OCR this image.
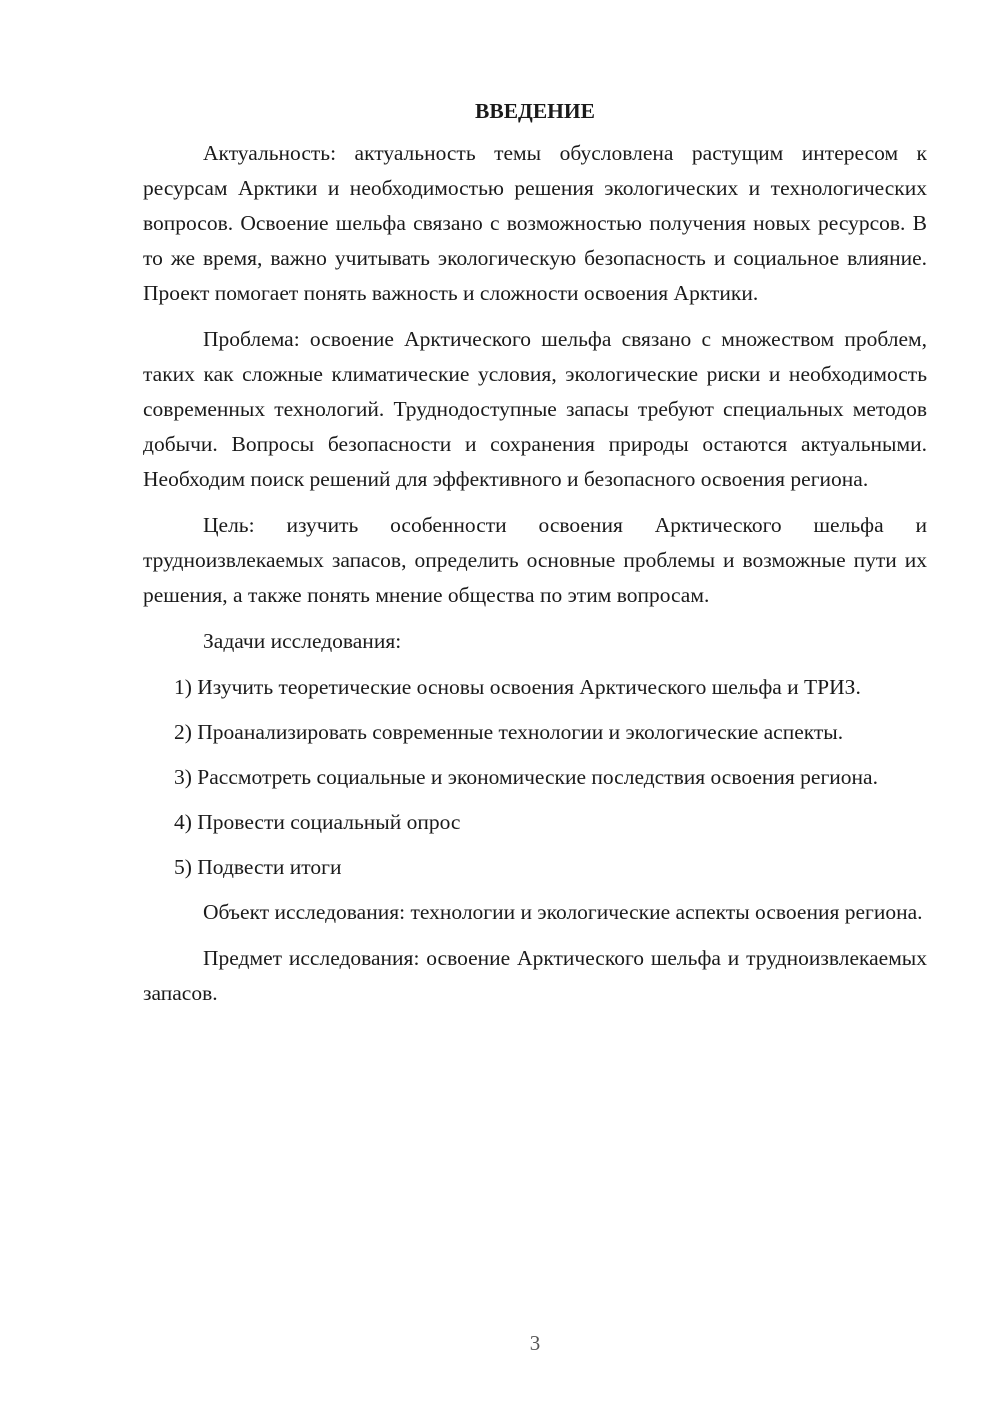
ВВЕДЕНИЕ

Актуальность: актуальность темы обусловлена растущим интересом к ресурсам Арктики и необходимостью решения экологических и технологических вопросов. Освоение шельфа связано с возможностью получения новых ресурсов. В то же время, важно учитывать экологическую безопасность и социальное влияние. Проект помогает понять важность и сложности освоения Арктики.

Проблема: освоение Арктического шельфа связано с множеством проблем, таких как сложные климатические условия, экологические риски и необходимость современных технологий. Труднодоступные запасы требуют специальных методов добычи. Вопросы безопасности и сохранения природы остаются актуальными. Необходим поиск решений для эффективного и безопасного освоения региона.

Цель: изучить особенности освоения Арктического шельфа и трудноизвлекаемых запасов, определить основные проблемы и возможные пути их решения, а также понять мнение общества по этим вопросам.

Задачи исследования:

1) Изучить теоретические основы освоения Арктического шельфа и ТРИЗ.

2) Проанализировать современные технологии и экологические аспекты.

3) Рассмотреть социальные и экономические последствия освоения региона.

4) Провести социальный опрос

5) Подвести итоги

Объект исследования: технологии и экологические аспекты освоения региона.

Предмет исследования: освоение Арктического шельфа и трудноизвлекаемых запасов.

3
